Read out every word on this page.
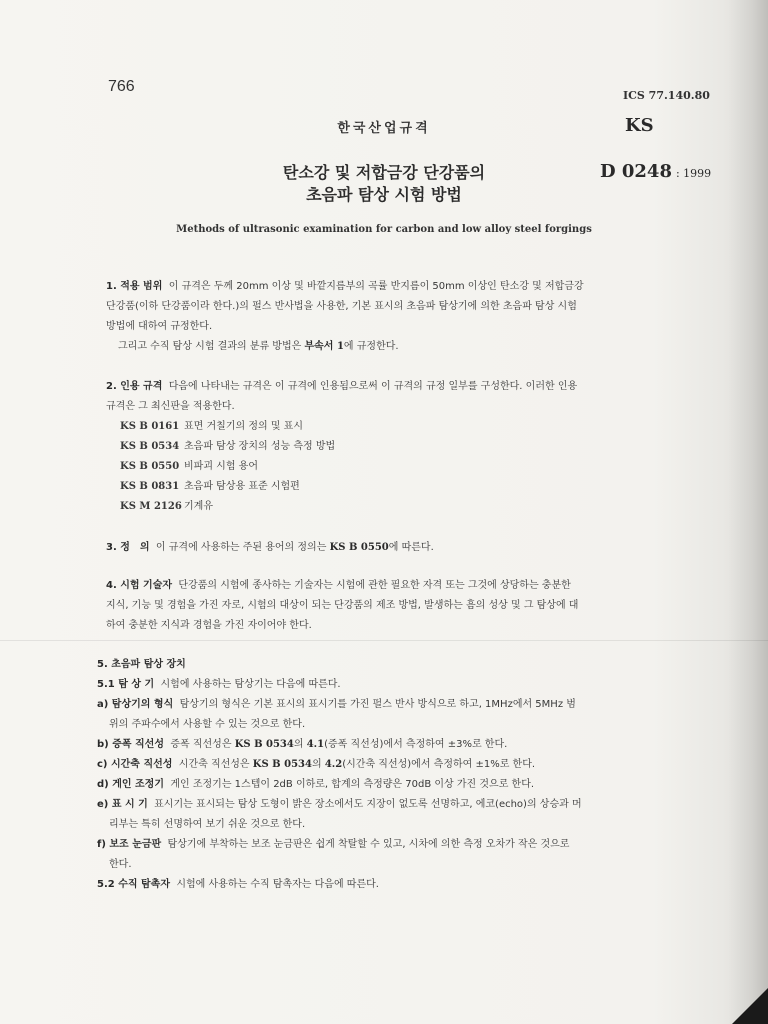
766

ICS 77.140.80

한국산업규격	KS

탄소강 및 저합금강 단강품의

초음파 탐상 시험 방법

D 0248 : 1999

Methods of ultrasonic examination for carbon and low alloy steel forgings

1. 적용 범위 이 규격은 두께 20mm 이상 및 바깥지름부의 곡률 반지름이 50mm 이상인 탄소강 및 저합금강
단강품(이하 단강품이라 한다.)의 펄스 반사법을 사용한, 기본 표시의 초음파 탐상기에 의한 초음파 탐상 시험
방법에 대하여 규정한다.
그리고 수직 탐상 시험 결과의 분류 방법은 부속서 1에 규정한다.
2. 인용 규격 다음에 나타내는 규격은 이 규격에 인용됨으로써 이 규격의 규정 일부를 구성한다. 이러한 인용
규격은 그 최신판을 적용한다.
KS B 0161 표면 거칠기의 정의 및 표시
KS B 0534 초음파 탐상 장치의 성능 측정 방법
KS B 0550 비파괴 시험 용어
KS B 0831 초음파 탐상용 표준 시험편
KS M 2126 기계유
3. 정　의 이 규격에 사용하는 주된 용어의 정의는 KS B 0550에 따른다.
4. 시험 기술자 단강품의 시험에 종사하는 기술자는 시험에 관한 필요한 자격 또는 그것에 상당하는 충분한
지식, 기능 및 경험을 가진 자로, 시험의 대상이 되는 단강품의 제조 방법, 발생하는 흠의 성상 및 그 탐상에 대
하여 충분한 지식과 경험을 가진 자이어야 한다.
5. 초음파 탐상 장치
5.1 탐 상 기 시험에 사용하는 탐상기는 다음에 따른다.
a) 탐상기의 형식 탐상기의 형식은 기본 표시의 표시기를 가진 펄스 반사 방식으로 하고, 1MHz에서 5MHz 범
위의 주파수에서 사용할 수 있는 것으로 한다.
b) 증폭 직선성 증폭 직선성은 KS B 0534의 4.1(증폭 직선성)에서 측정하여 ±3%로 한다.
c) 시간축 직선성 시간축 직선성은 KS B 0534의 4.2(시간축 직선성)에서 측정하여 ±1%로 한다.
d) 게인 조정기 게인 조정기는 1스텝이 2dB 이하로, 합계의 측정량은 70dB 이상 가진 것으로 한다.
e) 표 시 기 표시기는 표시되는 탐상 도형이 밝은 장소에서도 지장이 없도록 선명하고, 에코(echo)의 상승과 머
리부는 특히 선명하여 보기 쉬운 것으로 한다.
f) 보조 눈금판 탐상기에 부착하는 보조 눈금판은 쉽게 착탈할 수 있고, 시차에 의한 측정 오차가 작은 것으로
한다.
5.2 수직 탐촉자 시험에 사용하는 수직 탐촉자는 다음에 따른다.
